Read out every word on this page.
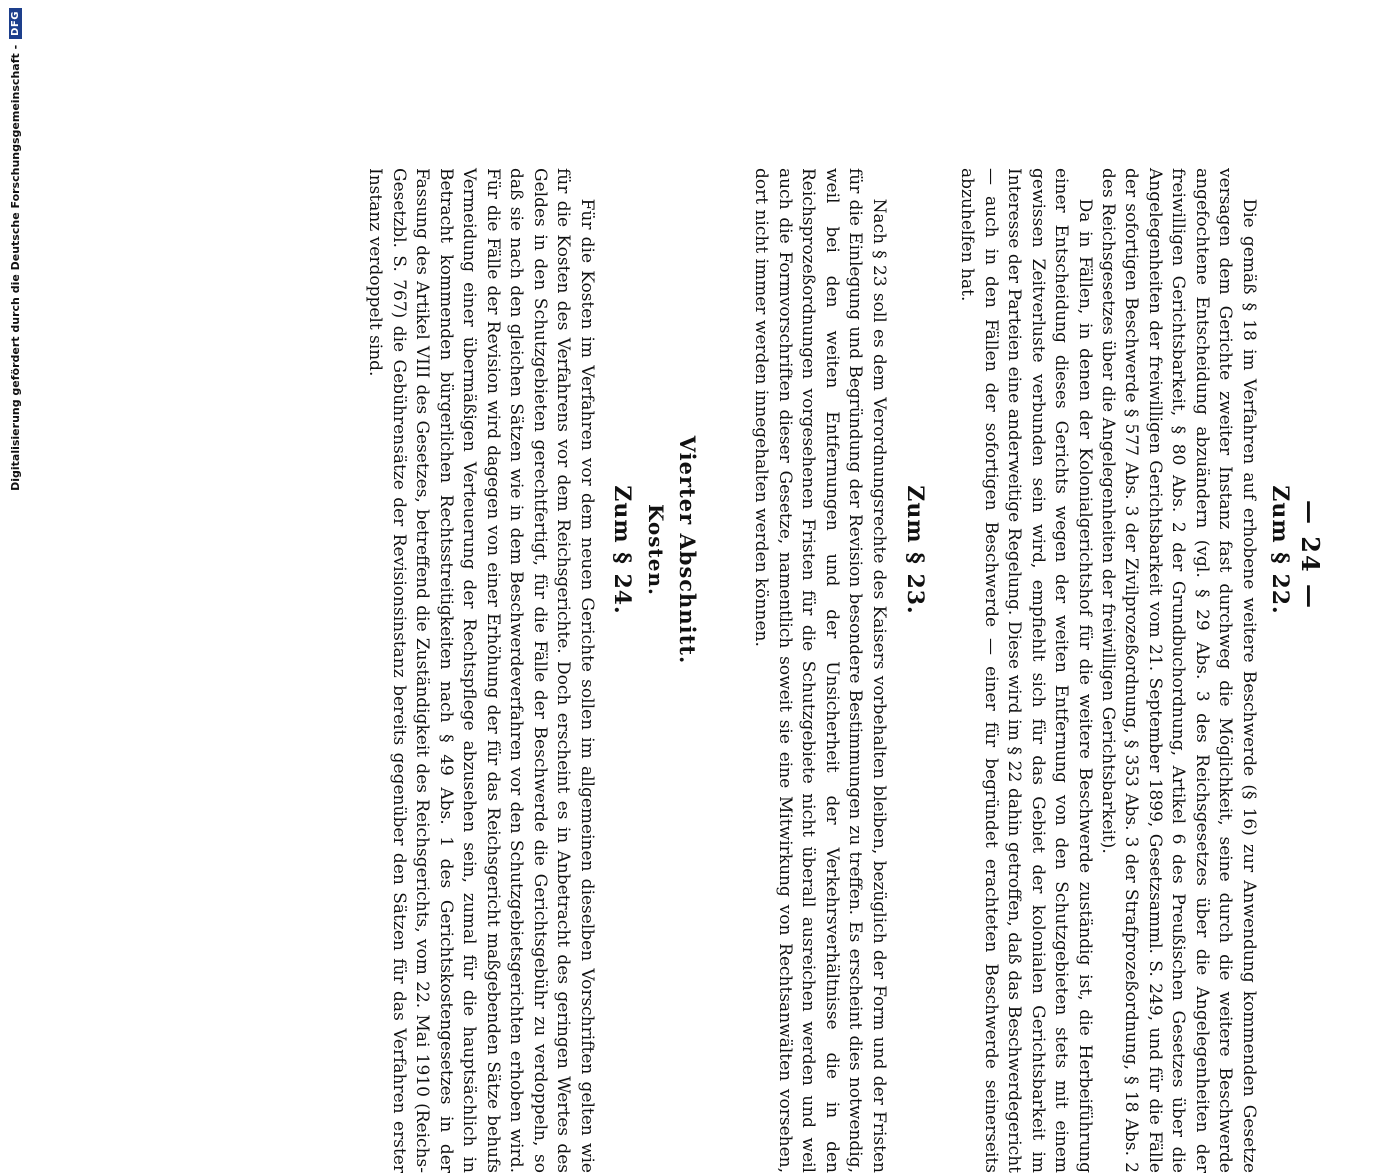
— 24 —
Zum § 22.

Die gemäß § 18 im Verfahren auf erhobene weitere Beschwerde (§ 16) zur Anwendung kommenden Gesetze versagen dem Gerichte zweiter Instanz fast durchweg die Möglichkeit, seine durch die weitere Beschwerde angefochtene Entscheidung abzuändern (vgl. § 29 Abs. 3 des Reichsgesetzes über die Angelegenheiten der freiwilligen Gerichtsbarkeit, § 80 Abs. 2 der Grundbuchordnung, Artikel 6 des Preußischen Gesetzes über die Angelegenheiten der freiwilligen Gerichtsbarkeit vom 21. September 1899, Gesetzsamml. S. 249, und für die Fälle der sofortigen Beschwerde § 577 Abs. 3 der Zivilprozeßordnung, § 353 Abs. 3 der Strafprozeßordnung, § 18 Abs. 2 des Reichsgesetzes über die Angelegenheiten der freiwilligen Gerichtsbarkeit).

Da in Fällen, in denen der Kolonialgerichtshof für die weitere Beschwerde zuständig ist, die Herbeiführung einer Entscheidung dieses Gerichts wegen der weiten Entfernung von den Schutzgebieten stets mit einem gewissen Zeitverluste verbunden sein wird, empfiehlt sich für das Gebiet der kolonialen Gerichtsbarkeit im Interesse der Parteien eine anderweitige Regelung. Diese wird im § 22 dahin getroffen, daß das Beschwerdegericht — auch in den Fällen der sofortigen Beschwerde — einer für begründet erachteten Beschwerde seinerseits abzuhelfen hat.

Zum § 23.

Nach § 23 soll es dem Verordnungsrechte des Kaisers vorbehalten bleiben, bezüglich der Form und der Fristen für die Einlegung und Begründung der Revision besondere Bestimmungen zu treffen. Es erscheint dies notwendig, weil bei den weiten Entfernungen und der Unsicherheit der Verkehrsverhältnisse die in den Reichsprozeßordnungen vorgesehenen Fristen für die Schutzgebiete nicht überall ausreichen werden und weil auch die Formvorschriften dieser Gesetze, namentlich soweit sie eine Mitwirkung von Rechtsanwälten vorsehen, dort nicht immer werden innegehalten werden können.

Vierter Abschnitt.
Kosten.
Zum § 24.

Für die Kosten im Verfahren vor dem neuen Gerichte sollen im allgemeinen dieselben Vorschriften gelten wie für die Kosten des Verfahrens vor dem Reichsgerichte. Doch erscheint es in Anbetracht des geringen Wertes des Geldes in den Schutzgebieten gerechtfertigt, für die Fälle der Beschwerde die Gerichtsgebühr zu verdoppeln, so daß sie nach den gleichen Sätzen wie in dem Beschwerdeverfahren vor den Schutzgebietsgerichten erhoben wird. Für die Fälle der Revision wird dagegen von einer Erhöhung der für das Reichsgericht maßgebenden Sätze behufs Vermeidung einer übermäßigen Verteuerung der Rechtspflege abzusehen sein, zumal für die hauptsächlich in Betracht kommenden bürgerlichen Rechtsstreitigkeiten nach § 49 Abs. 1 des Gerichtskostengesetzes in der Fassung des Artikel VIII des Gesetzes, betreffend die Zuständigkeit des Reichsgerichts, vom 22. Mai 1910 (Reichs-Gesetzbl. S. 767) die Gebührensätze der Revisionsinstanz bereits gegenüber den Sätzen für das Verfahren erster Instanz verdoppelt sind.

Digitalisierung gefördert durch die Deutsche Forschungsgemeinschaft -
DFG
